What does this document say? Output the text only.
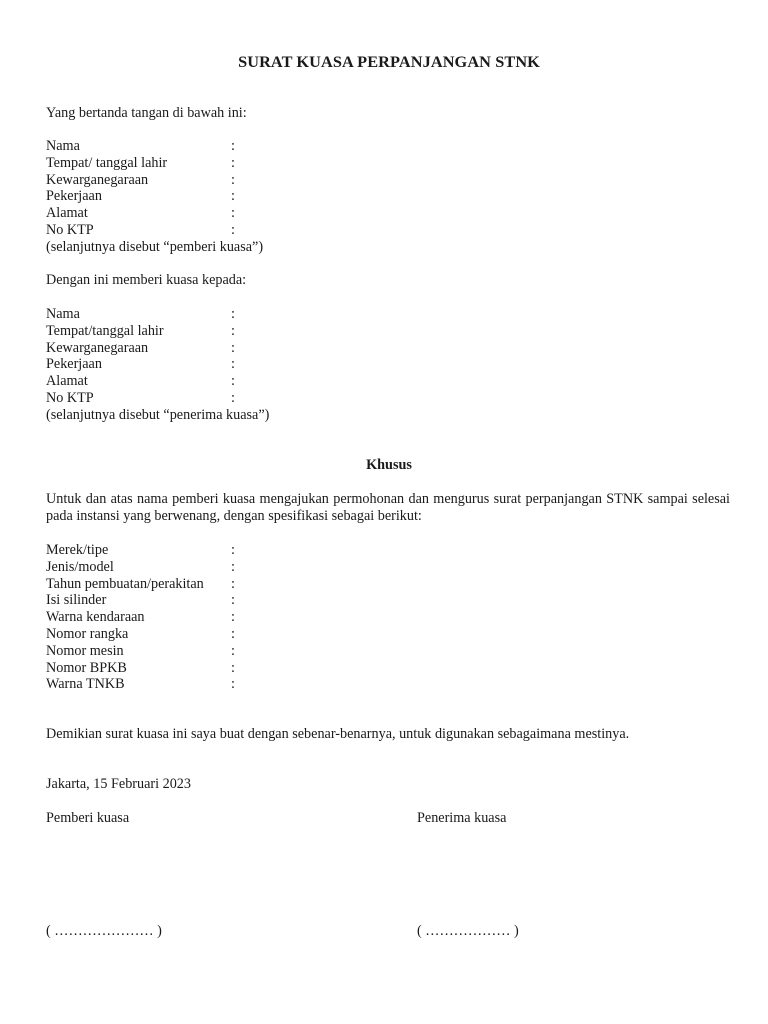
SURAT KUASA PERPANJANGAN STNK
Yang bertanda tangan di bawah ini:
Nama	:
Tempat/ tanggal lahir	:
Kewarganegaraan	:
Pekerjaan	:
Alamat	:
No KTP	:
(selanjutnya disebut “pemberi kuasa”)
Dengan ini memberi kuasa kepada:
Nama	:
Tempat/tanggal lahir	:
Kewarganegaraan	:
Pekerjaan	:
Alamat	:
No KTP	:
(selanjutnya disebut “penerima kuasa”)
Khusus
Untuk dan atas nama pemberi kuasa mengajukan permohonan dan mengurus surat perpanjangan STNK sampai selesai pada instansi yang berwenang, dengan spesifikasi sebagai berikut:
Merek/tipe	:
Jenis/model	:
Tahun pembuatan/perakitan :
Isi silinder	:
Warna kendaraan	:
Nomor rangka	:
Nomor mesin	:
Nomor BPKB	:
Warna TNKB	:
Demikian surat kuasa ini saya buat dengan sebenar-benarnya, untuk digunakan sebagaimana mestinya.
Jakarta, 15 Februari 2023
Pemberi kuasa	Penerima kuasa
( ………………… )	( ……………… )
